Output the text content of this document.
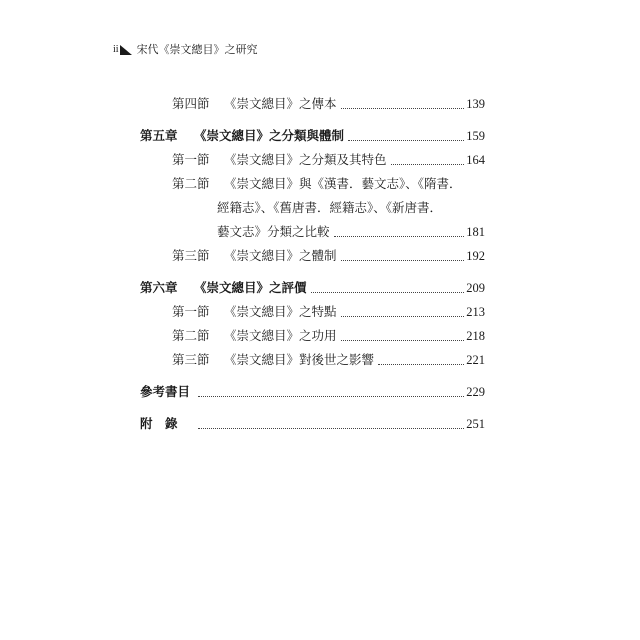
ii 宋代《崇文總目》之研究
第四節	《崇文總目》之傳本	139
第五章	《崇文總目》之分類與體制	159
第一節	《崇文總目》之分類及其特色	164
第二節	《崇文總目》與《漢書．藝文志》、《隋書．
經籍志》、《舊唐書．經籍志》、《新唐書．
藝文志》分類之比較	181
第三節	《崇文總目》之體制	192
第六章	《崇文總目》之評價	209
第一節	《崇文總目》之特點	213
第二節	《崇文總目》之功用	218
第三節	《崇文總目》對後世之影響	221
參考書目	229
附　錄	251
